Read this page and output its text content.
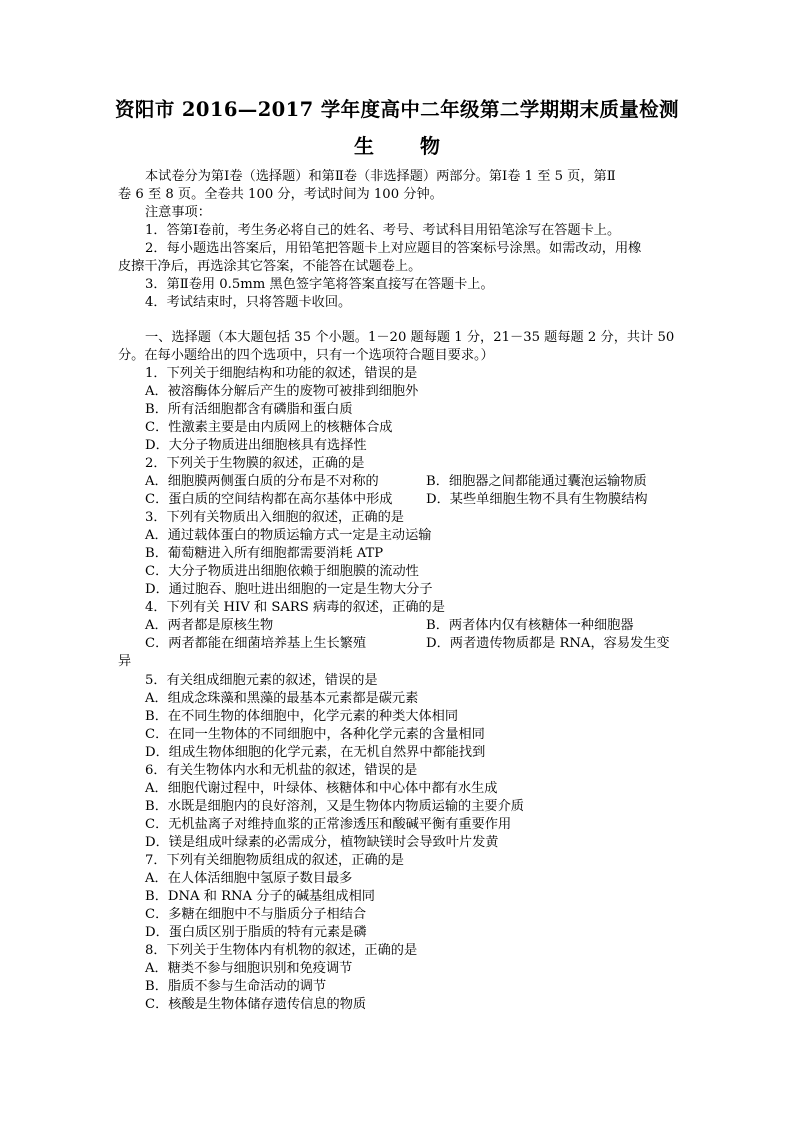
资阳市 2016—2017 学年度高中二年级第二学期期末质量检测
生 物
本试卷分为第Ⅰ卷（选择题）和第Ⅱ卷（非选择题）两部分。第Ⅰ卷 1 至 5 页，第Ⅱ
卷 6 至 8 页。全卷共 100 分，考试时间为 100 分钟。
注意事项：
1．答第Ⅰ卷前，考生务必将自己的姓名、考号、考试科目用铅笔涂写在答题卡上。
2．每小题选出答案后，用铅笔把答题卡上对应题目的答案标号涂黑。如需改动，用橡
皮擦干净后，再选涂其它答案，不能答在试题卷上。
3．第Ⅱ卷用 0.5mm 黑色签字笔将答案直接写在答题卡上。
4．考试结束时，只将答题卡收回。
一、选择题（本大题包括 35 个小题。1－20 题每题 1 分，21－35 题每题 2 分，共计 50
分。在每小题给出的四个选项中，只有一个选项符合题目要求。）
1．下列关于细胞结构和功能的叙述，错误的是
A．被溶酶体分解后产生的废物可被排到细胞外
B．所有活细胞都含有磷脂和蛋白质
C．性激素主要是由内质网上的核糖体合成
D．大分子物质进出细胞核具有选择性
2．下列关于生物膜的叙述，正确的是
A．细胞膜两侧蛋白质的分布是不对称的	B．细胞器之间都能通过囊泡运输物质
C．蛋白质的空间结构都在高尔基体中形成	D．某些单细胞生物不具有生物膜结构
3．下列有关物质出入细胞的叙述，正确的是
A．通过载体蛋白的物质运输方式一定是主动运输
B．葡萄糖进入所有细胞都需要消耗 ATP
C．大分子物质进出细胞依赖于细胞膜的流动性
D．通过胞吞、胞吐进出细胞的一定是生物大分子
4．下列有关 HIV 和 SARS 病毒的叙述，正确的是
A．两者都是原核生物	B．两者体内仅有核糖体一种细胞器
C．两者都能在细菌培养基上生长繁殖	D．两者遗传物质都是 RNA，容易发生变
异
5．有关组成细胞元素的叙述，错误的是
A．组成念珠藻和黑藻的最基本元素都是碳元素
B．在不同生物的体细胞中，化学元素的种类大体相同
C．在同一生物体的不同细胞中，各种化学元素的含量相同
D．组成生物体细胞的化学元素，在无机自然界中都能找到
6．有关生物体内水和无机盐的叙述，错误的是
A．细胞代谢过程中，叶绿体、核糖体和中心体中都有水生成
B．水既是细胞内的良好溶剂，又是生物体内物质运输的主要介质
C．无机盐离子对维持血浆的正常渗透压和酸碱平衡有重要作用
D．镁是组成叶绿素的必需成分，植物缺镁时会导致叶片发黄
7．下列有关细胞物质组成的叙述，正确的是
A．在人体活细胞中氢原子数目最多
B．DNA 和 RNA 分子的碱基组成相同
C．多糖在细胞中不与脂质分子相结合
D．蛋白质区别于脂质的特有元素是磷
8．下列关于生物体内有机物的叙述，正确的是
A．糖类不参与细胞识别和免疫调节
B．脂质不参与生命活动的调节
C．核酸是生物体储存遗传信息的物质
